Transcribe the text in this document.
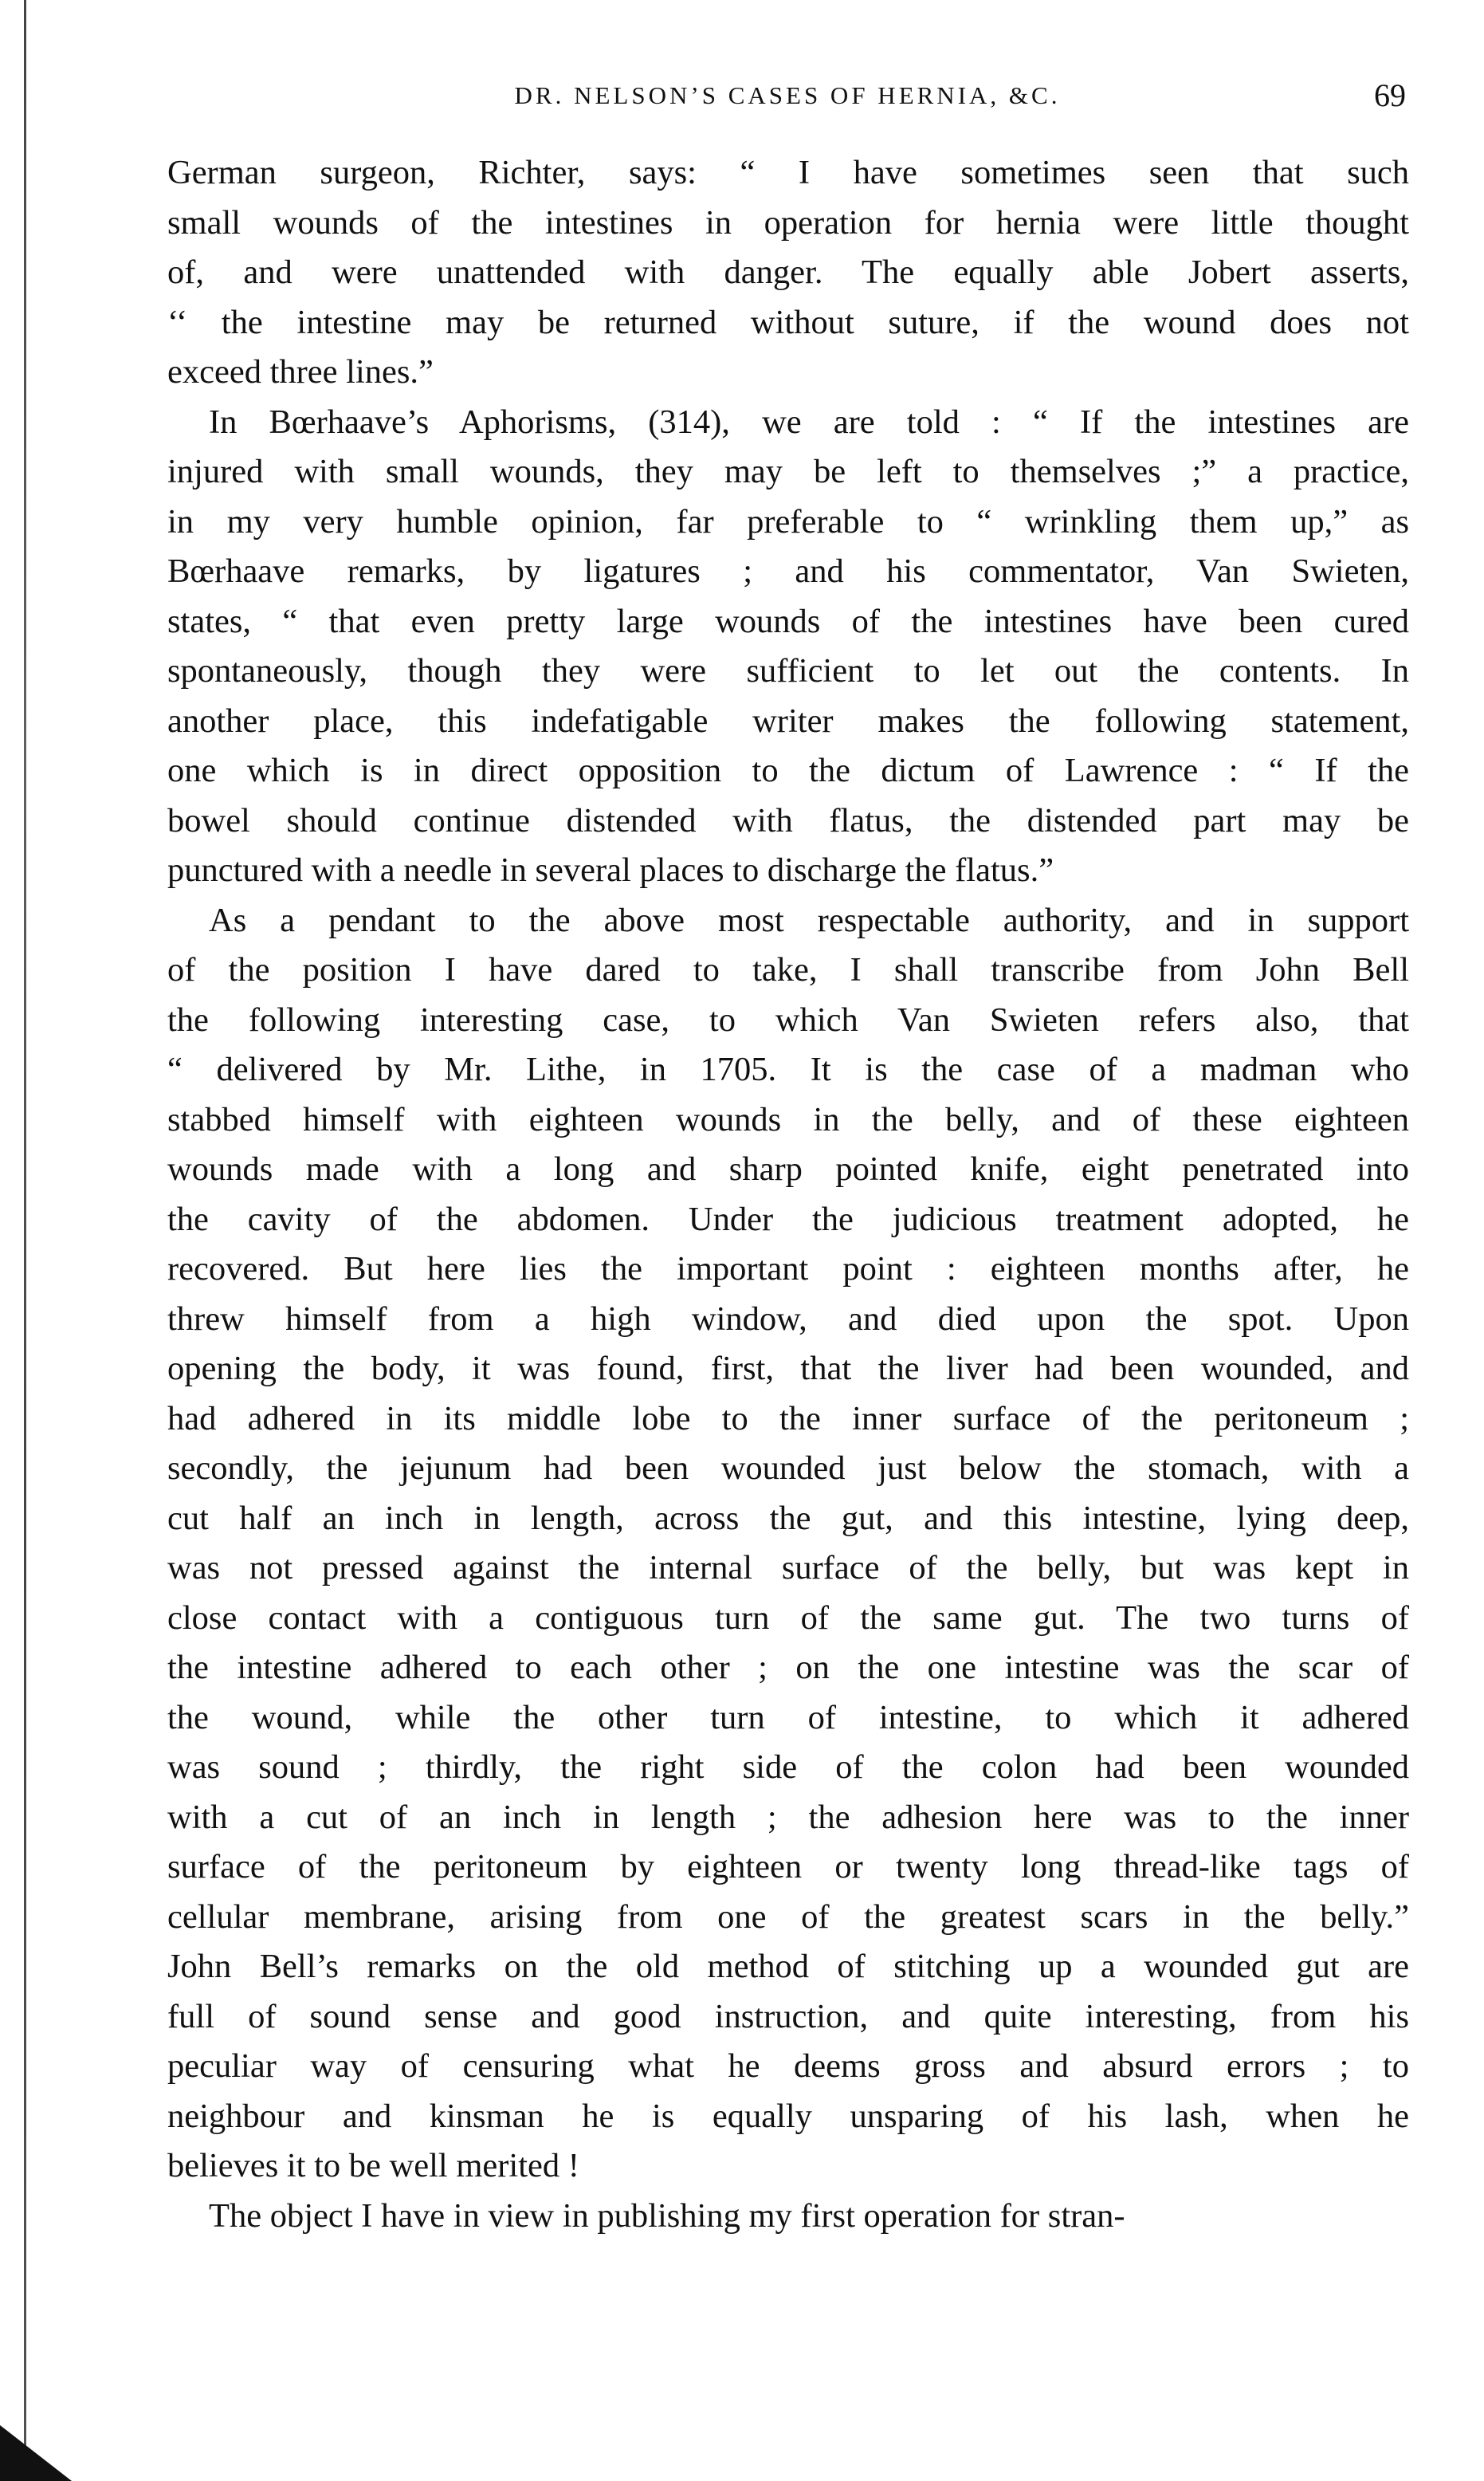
DR. NELSON’S CASES OF HERNIA, &C.	69
German surgeon, Richter, says: “ I have sometimes seen that such
small wounds of the intestines in operation for hernia were little thought
of, and were unattended with danger. The equally able Jobert asserts,
‘‘ the intestine may be returned without suture, if the wound does not
exceed three lines.”
In Bœrhaave’s Aphorisms, (314), we are told : “ If the intestines are
injured with small wounds, they may be left to themselves ;” a practice,
in my very humble opinion, far preferable to “ wrinkling them up,” as
Bœrhaave remarks, by ligatures ; and his commentator, Van Swieten,
states, “ that even pretty large wounds of the intestines have been cured
spontaneously, though they were sufficient to let out the contents. In
another place, this indefatigable writer makes the following statement,
one which is in direct opposition to the dictum of Lawrence : “ If the
bowel should continue distended with flatus, the distended part may be
punctured with a needle in several places to discharge the flatus.”
As a pendant to the above most respectable authority, and in support
of the position I have dared to take, I shall transcribe from John Bell
the following interesting case, to which Van Swieten refers also, that
“ delivered by Mr. Lithe, in 1705. It is the case of a madman who
stabbed himself with eighteen wounds in the belly, and of these eighteen
wounds made with a long and sharp pointed knife, eight penetrated into
the cavity of the abdomen. Under the judicious treatment adopted, he
recovered. But here lies the important point : eighteen months after, he
threw himself from a high window, and died upon the spot. Upon
opening the body, it was found, first, that the liver had been wounded, and
had adhered in its middle lobe to the inner surface of the peritoneum ;
secondly, the jejunum had been wounded just below the stomach, with a
cut half an inch in length, across the gut, and this intestine, lying deep,
was not pressed against the internal surface of the belly, but was kept in
close contact with a contiguous turn of the same gut. The two turns of
the intestine adhered to each other ; on the one intestine was the scar of
the wound, while the other turn of intestine, to which it adhered
was sound ; thirdly, the right side of the colon had been wounded
with a cut of an inch in length ; the adhesion here was to the inner
surface of the peritoneum by eighteen or twenty long thread-like tags of
cellular membrane, arising from one of the greatest scars in the belly.”
John Bell’s remarks on the old method of stitching up a wounded gut are
full of sound sense and good instruction, and quite interesting, from his
peculiar way of censuring what he deems gross and absurd errors ; to
neighbour and kinsman he is equally unsparing of his lash, when he
believes it to be well merited !
The object I have in view in publishing my first operation for stran-
